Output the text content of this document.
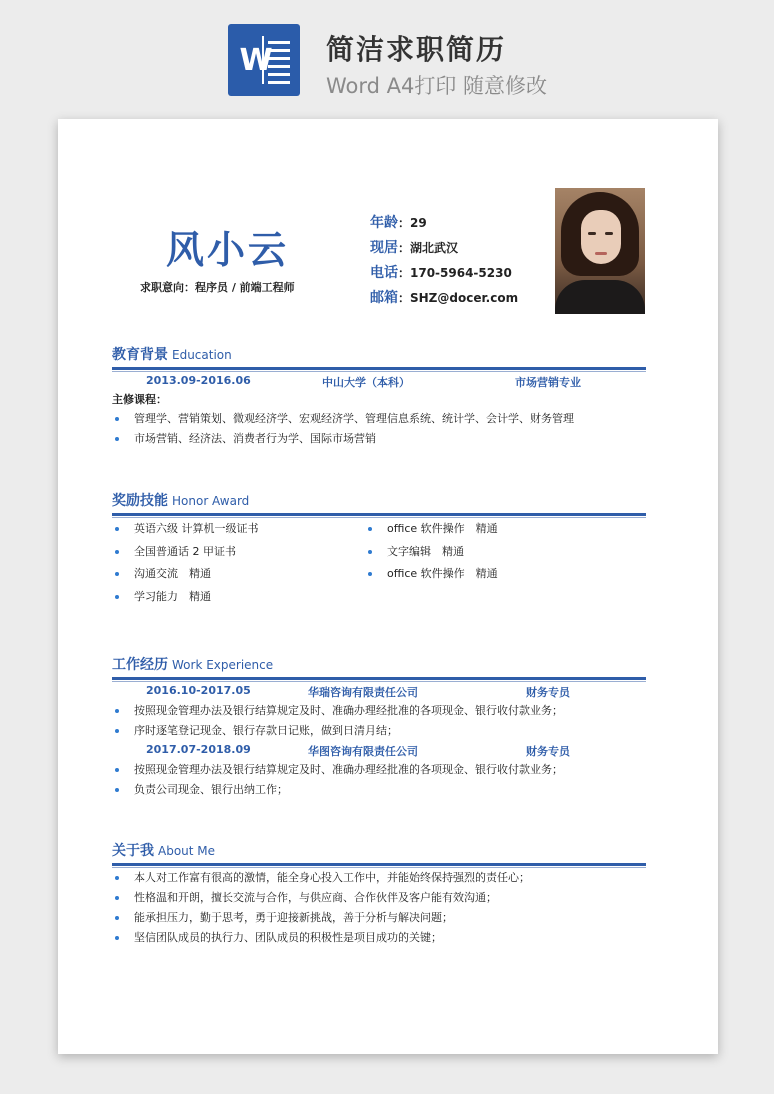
W 简洁求职简历
Word A4打印 随意修改
风小云
求职意向：程序员 / 前端工程师
年龄：29
现居：湖北武汉
电话：170-5964-5230
邮箱：SHZ@docer.com
教育背景 Education
2013.09-2016.06	中山大学（本科）	市场营销专业
主修课程：
管理学、营销策划、微观经济学、宏观经济学、管理信息系统、统计学、会计学、财务管理
市场营销、经济法、消费者行为学、国际市场营销
奖励技能 Honor Award
英语六级 计算机一级证书
全国普通话 2 甲证书
沟通交流　精通
学习能力　精通
office 软件操作　精通
文字编辑　精通
office 软件操作　精通
工作经历 Work Experience
2016.10-2017.05	华瑞咨询有限责任公司	财务专员
按照现金管理办法及银行结算规定及时、准确办理经批准的各项现金、银行收付款业务；
序时逐笔登记现金、银行存款日记账，做到日清月结；
2017.07-2018.09	华图咨询有限责任公司	财务专员
按照现金管理办法及银行结算规定及时、准确办理经批准的各项现金、银行收付款业务；
负责公司现金、银行出纳工作；
关于我 About Me
本人对工作富有很高的激情，能全身心投入工作中，并能始终保持强烈的责任心；
性格温和开朗，擅长交流与合作，与供应商、合作伙伴及客户能有效沟通；
能承担压力，勤于思考，勇于迎接新挑战，善于分析与解决问题；
坚信团队成员的执行力、团队成员的积极性是项目成功的关键；
